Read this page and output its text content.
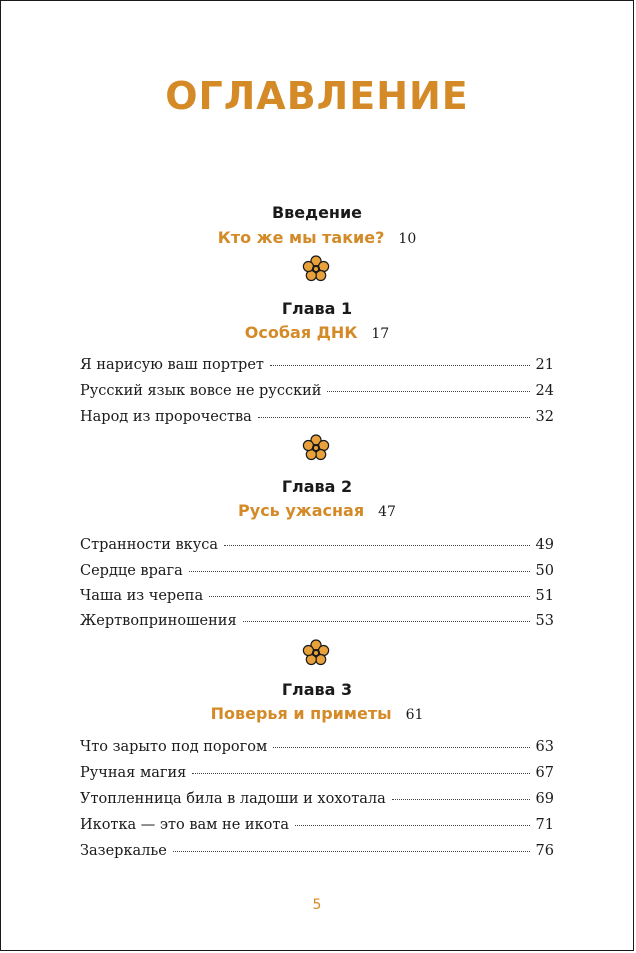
ОГЛАВЛЕНИЕ
Введение
Кто же мы такие? 10
Глава 1
Особая ДНК 17
Я нарисую ваш портрет	21
Русский язык вовсе не русский	24
Народ из пророчества	32
Глава 2
Русь ужасная 47
Странности вкуса	49
Сердце врага	50
Чаша из черепа	51
Жертвоприношения	53
Глава 3
Поверья и приметы 61
Что зарыто под порогом	63
Ручная магия	67
Утопленница била в ладоши и хохотала	69
Икотка — это вам не икота	71
Зазеркалье	76
5
